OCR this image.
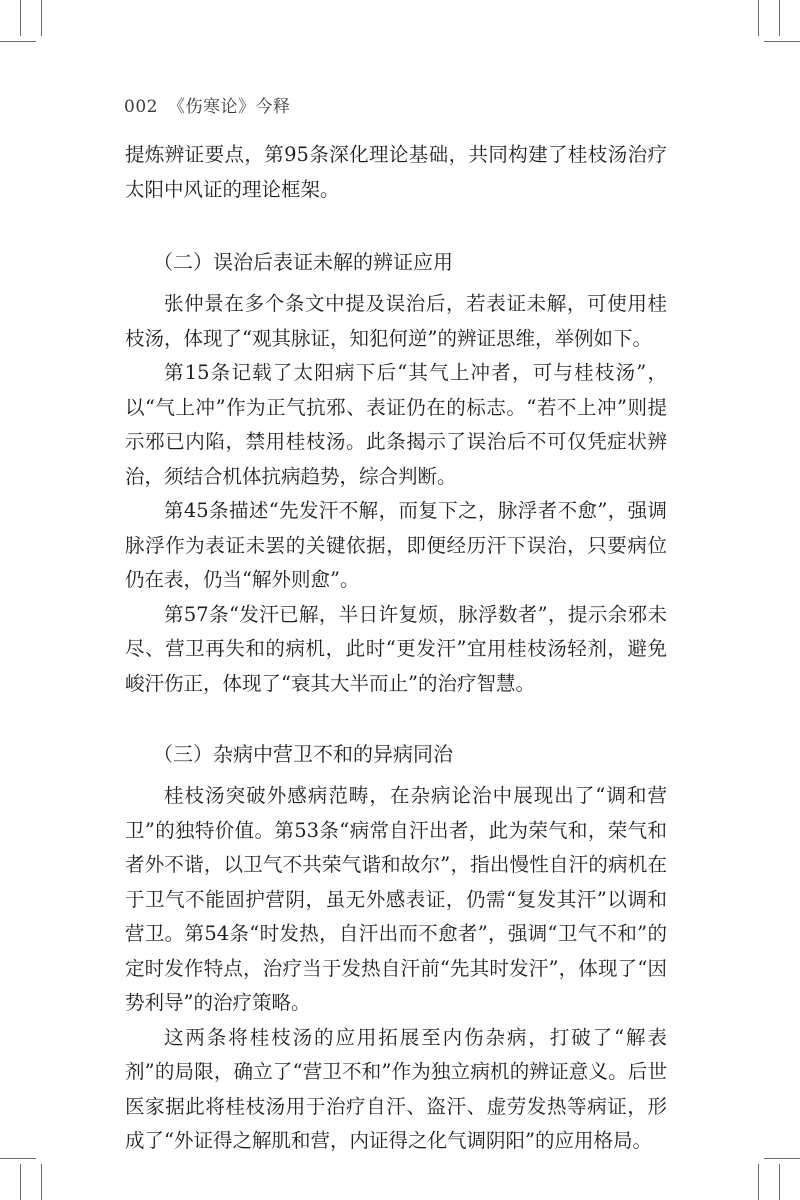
002 《伤寒论》今释

提炼辨证要点，第95条深化理论基础，共同构建了桂枝汤治疗太阳中风证的理论框架。

（二）误治后表证未解的辨证应用

张仲景在多个条文中提及误治后，若表证未解，可使用桂枝汤，体现了“观其脉证，知犯何逆”的辨证思维，举例如下。

第15条记载了太阳病下后“其气上冲者，可与桂枝汤”，以“气上冲”作为正气抗邪、表证仍在的标志。“若不上冲”则提示邪已内陷，禁用桂枝汤。此条揭示了误治后不可仅凭症状辨治，须结合机体抗病趋势，综合判断。

第45条描述“先发汗不解，而复下之，脉浮者不愈”，强调脉浮作为表证未罢的关键依据，即便经历汗下误治，只要病位仍在表，仍当“解外则愈”。

第57条“发汗已解，半日许复烦，脉浮数者”，提示余邪未尽、营卫再失和的病机，此时“更发汗”宜用桂枝汤轻剂，避免峻汗伤正，体现了“衰其大半而止”的治疗智慧。

（三）杂病中营卫不和的异病同治

桂枝汤突破外感病范畴，在杂病论治中展现出了“调和营卫”的独特价值。第53条“病常自汗出者，此为荣气和，荣气和者外不谐，以卫气不共荣气谐和故尔”，指出慢性自汗的病机在于卫气不能固护营阴，虽无外感表证，仍需“复发其汗”以调和营卫。第54条“时发热，自汗出而不愈者”，强调“卫气不和”的定时发作特点，治疗当于发热自汗前“先其时发汗”，体现了“因势利导”的治疗策略。

这两条将桂枝汤的应用拓展至内伤杂病，打破了“解表剂”的局限，确立了“营卫不和”作为独立病机的辨证意义。后世医家据此将桂枝汤用于治疗自汗、盗汗、虚劳发热等病证，形成了“外证得之解肌和营，内证得之化气调阴阳”的应用格局。
